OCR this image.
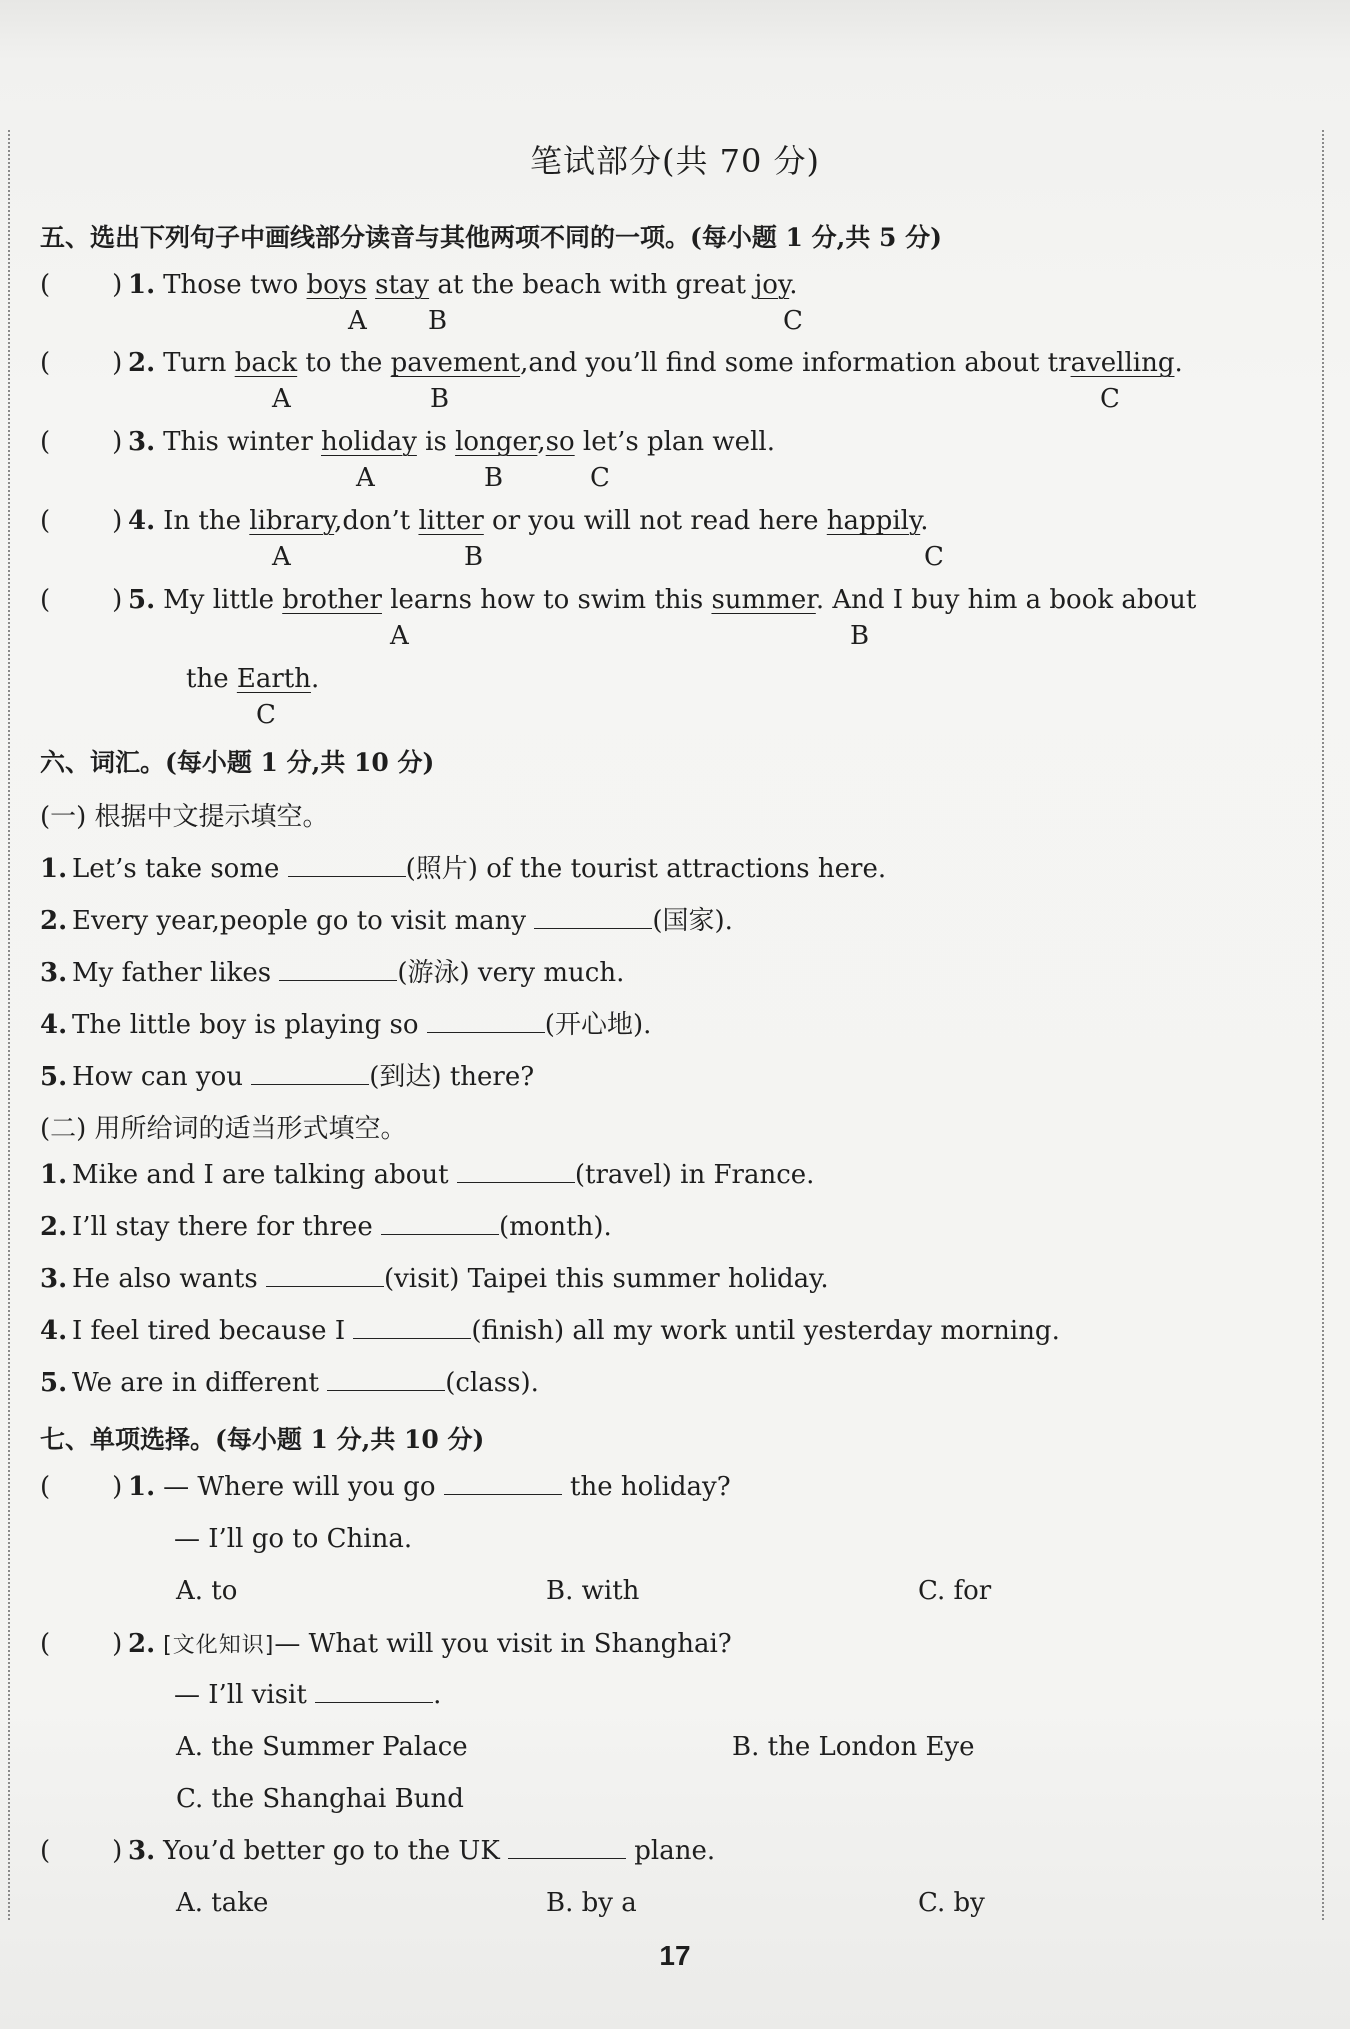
笔试部分(共 70 分)
五、选出下列句子中画线部分读音与其他两项不同的一项。(每小题 1 分,共 5 分)
( ) 1. Those two boys stay at the beach with great joy.
A B	C
( ) 2. Turn back to the pavement,and you’ll find some information about travelling.
A	B	C
( ) 3. This winter holiday is longer,so let’s plan well.
A	B	C
( ) 4. In the library,don’t litter or you will not read here happily.
A	B	C
( ) 5. My little brother learns how to swim this summer. And I buy him a book about
A	B
the Earth.
C
六、词汇。(每小题 1 分,共 10 分)
(一) 根据中文提示填空。
1. Let’s take some	(照片) of the tourist attractions here.
2. Every year,people go to visit many	(国家).
3. My father likes	(游泳) very much.
4. The little boy is playing so	(开心地).
5. How can you	(到达) there?
(二) 用所给词的适当形式填空。
1. Mike and I are talking about	(travel) in France.
2. I’ll stay there for three	(month).
3. He also wants	(visit) Taipei this summer holiday.
4. I feel tired because I	(finish) all my work until yesterday morning.
5. We are in different	(class).
七、单项选择。(每小题 1 分,共 10 分)
( ) 1. — Where will you go	the holiday?
— I’ll go to China.
A. to	B. with	C. for
( ) 2. [文化知识]— What will you visit in Shanghai?
— I’ll visit	.
A. the Summer Palace	B. the London Eye
C. the Shanghai Bund
( ) 3. You’d better go to the UK	plane.
A. take	B. by a	C. by
17
